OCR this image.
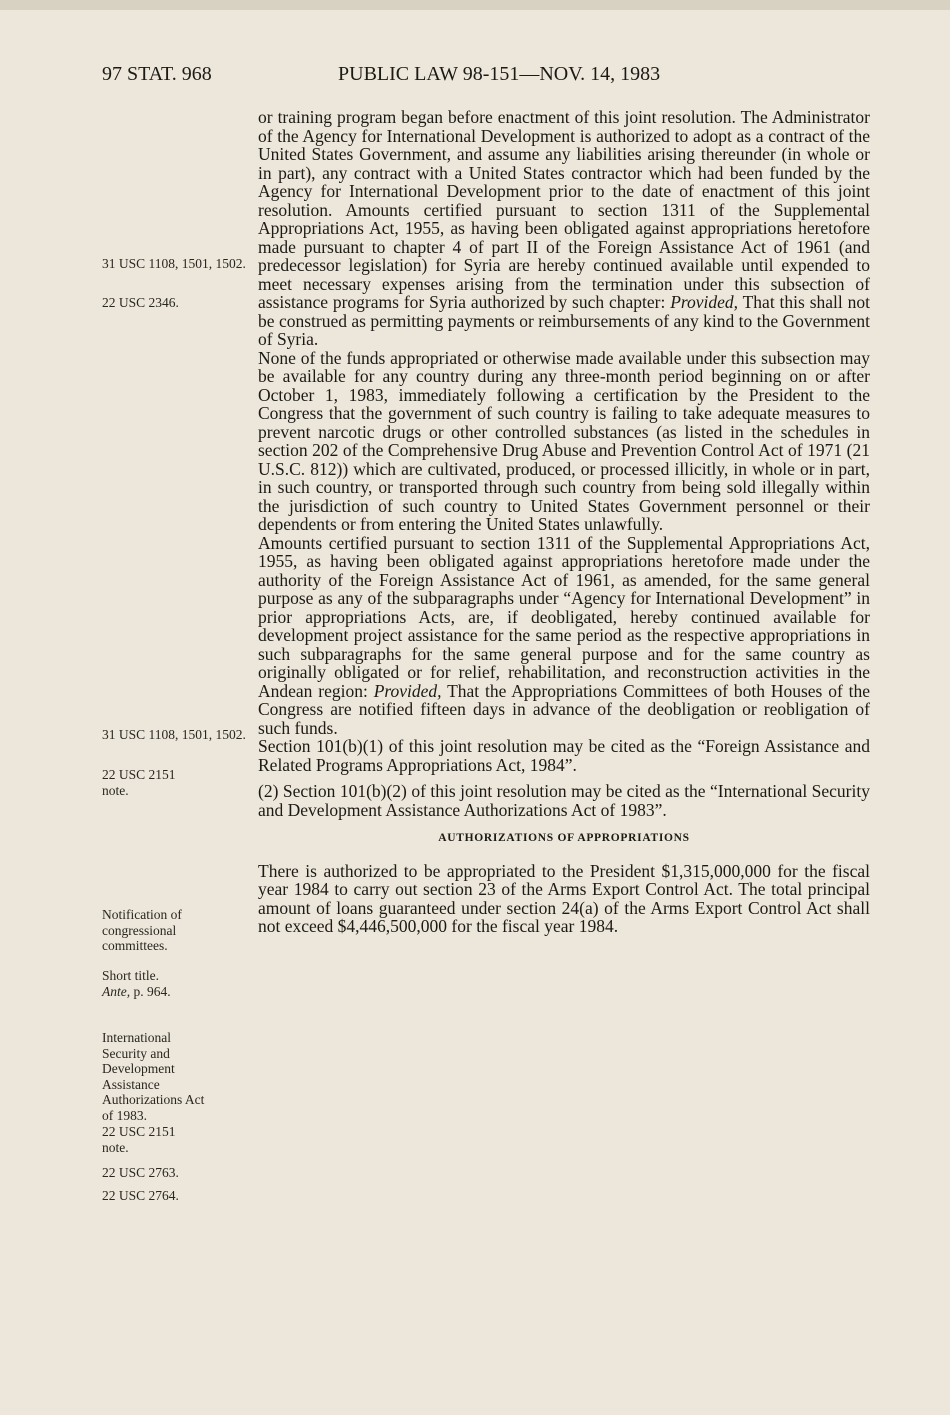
97 STAT. 968	PUBLIC LAW 98-151—NOV. 14, 1983

31 USC 1108, 1501, 1502.

22 USC 2346.

31 USC 1108, 1501, 1502.

22 USC 2151 note.

Notification of congressional committees.

Short title.

Ante, p. 964.

International Security and Development Assistance Authorizations Act of 1983.

22 USC 2151 note.

22 USC 2763.

22 USC 2764.

or training program began before enactment of this joint resolution. The Administrator of the Agency for International Development is authorized to adopt as a contract of the United States Government, and assume any liabilities arising thereunder (in whole or in part), any contract with a United States contractor which had been funded by the Agency for International Development prior to the date of enactment of this joint resolution. Amounts certified pursuant to section 1311 of the Supplemental Appropriations Act, 1955, as having been obligated against appropriations heretofore made pursuant to chapter 4 of part II of the Foreign Assistance Act of 1961 (and predecessor legislation) for Syria are hereby continued available until expended to meet necessary expenses arising from the termination under this subsection of assistance programs for Syria authorized by such chapter: Provided, That this shall not be construed as permitting payments or reimbursements of any kind to the Government of Syria.

None of the funds appropriated or otherwise made available under this subsection may be available for any country during any three-month period beginning on or after October 1, 1983, immediately following a certification by the President to the Congress that the government of such country is failing to take adequate measures to prevent narcotic drugs or other controlled substances (as listed in the schedules in section 202 of the Comprehensive Drug Abuse and Prevention Control Act of 1971 (21 U.S.C. 812)) which are cultivated, produced, or processed illicitly, in whole or in part, in such country, or transported through such country from being sold illegally within the jurisdiction of such country to United States Government personnel or their dependents or from entering the United States unlawfully.

Amounts certified pursuant to section 1311 of the Supplemental Appropriations Act, 1955, as having been obligated against appropriations heretofore made under the authority of the Foreign Assistance Act of 1961, as amended, for the same general purpose as any of the subparagraphs under “Agency for International Development” in prior appropriations Acts, are, if deobligated, hereby continued available for development project assistance for the same period as the respective appropriations in such subparagraphs for the same general purpose and for the same country as originally obligated or for relief, rehabilitation, and reconstruction activities in the Andean region: Provided, That the Appropriations Committees of both Houses of the Congress are notified fifteen days in advance of the deobligation or reobligation of such funds.

Section 101(b)(1) of this joint resolution may be cited as the “Foreign Assistance and Related Programs Appropriations Act, 1984”.

(2) Section 101(b)(2) of this joint resolution may be cited as the “International Security and Development Assistance Authorizations Act of 1983”.

AUTHORIZATIONS OF APPROPRIATIONS

There is authorized to be appropriated to the President $1,315,000,000 for the fiscal year 1984 to carry out section 23 of the Arms Export Control Act. The total principal amount of loans guaranteed under section 24(a) of the Arms Export Control Act shall not exceed $4,446,500,000 for the fiscal year 1984.
